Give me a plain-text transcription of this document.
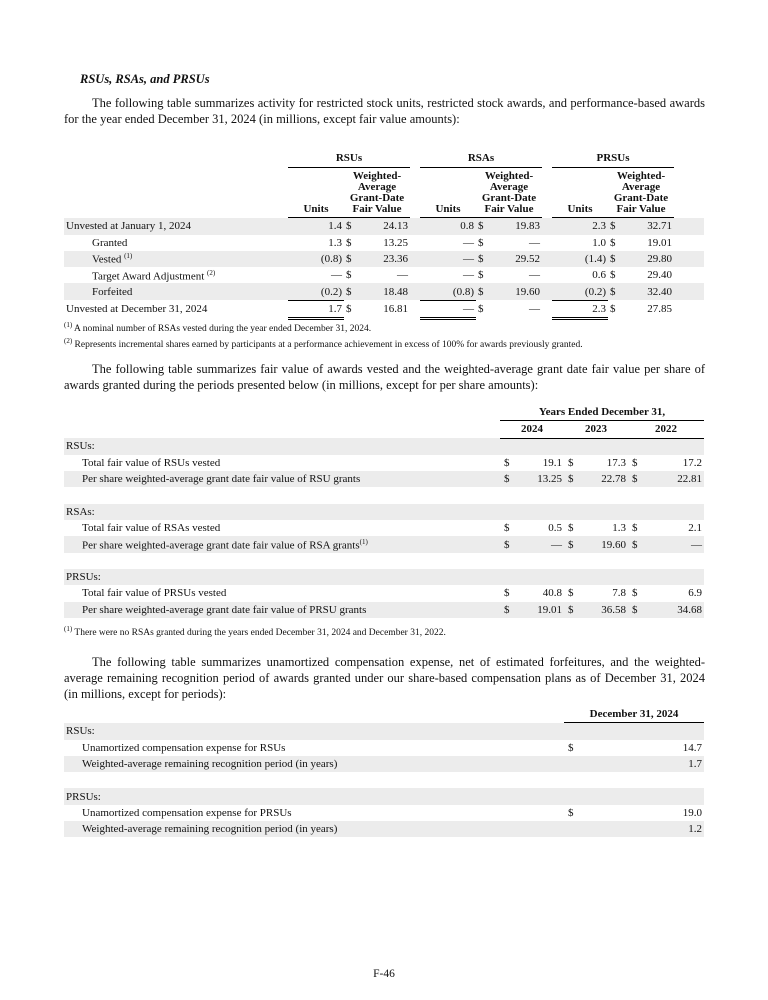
RSUs, RSAs, and PRSUs
The following table summarizes activity for restricted stock units, restricted stock awards, and performance-based awards for the year ended December 31, 2024 (in millions, except fair value amounts):
	RSUs				RSAs				PRSUs			
	Units	Weighted-
Average
Grant-Date
Fair Value			Units	Weighted-
Average
Grant-Date
Fair Value			Units	Weighted-
Average
Grant-Date
Fair Value		
Unvested at January 1, 2024	1.4	$	24.13		0.8	$	19.83		2.3	$	32.71	
Granted	1.3	$	13.25		—	$	—		1.0	$	19.01	
Vested $^{(1)}$	(0.8)	$	23.36		—	$	29.52		(1.4)	$	29.80	
Target Award Adjustment $^{(2)}$	—	$	—		—	$	—		0.6	$	29.40	
Forfeited	(0.2)	$	18.48		(0.8)	$	19.60		(0.2)	$	32.40	
Unvested at December 31, 2024	1.7	$	16.81		—	$	—		2.3	$	27.85	
$^{(1)}$ A nominal number of RSAs vested during the year ended December 31, 2024.
$^{(2)}$ Represents incremental shares earned by participants at a performance achievement in excess of 100% for awards previously granted.
The following table summarizes fair value of awards vested and the weighted-average grant date fair value per share of awards granted during the periods presented below (in millions, except for per share amounts):
	Years Ended December 31,					
	2024		2023		2022	
RSUs:						
Total fair value of RSUs vested	$	19.1	$	17.3	$	17.2
Per share weighted-average grant date fair value of RSU grants	$	13.25	$	22.78	$	22.81

RSAs:						
Total fair value of RSAs vested	$	0.5	$	1.3	$	2.1
Per share weighted-average grant date fair value of RSA grants$^{(1)}$	$	—	$	19.60	$	—

PRSUs:						
Total fair value of PRSUs vested	$	40.8	$	7.8	$	6.9
Per share weighted-average grant date fair value of PRSU grants	$	19.01	$	36.58	$	34.68
$^{(1)}$ There were no RSAs granted during the years ended December 31, 2024 and December 31, 2022.
The following table summarizes unamortized compensation expense, net of estimated forfeitures, and the weighted-average remaining recognition period of awards granted under our share-based compensation plans as of December 31, 2024 (in millions, except for periods):
	December 31, 2024	
RSUs:		
Unamortized compensation expense for RSUs	$	14.7
Weighted-average remaining recognition period (in years)		1.7

PRSUs:		
Unamortized compensation expense for PRSUs	$	19.0
Weighted-average remaining recognition period (in years)		1.2
F-46
